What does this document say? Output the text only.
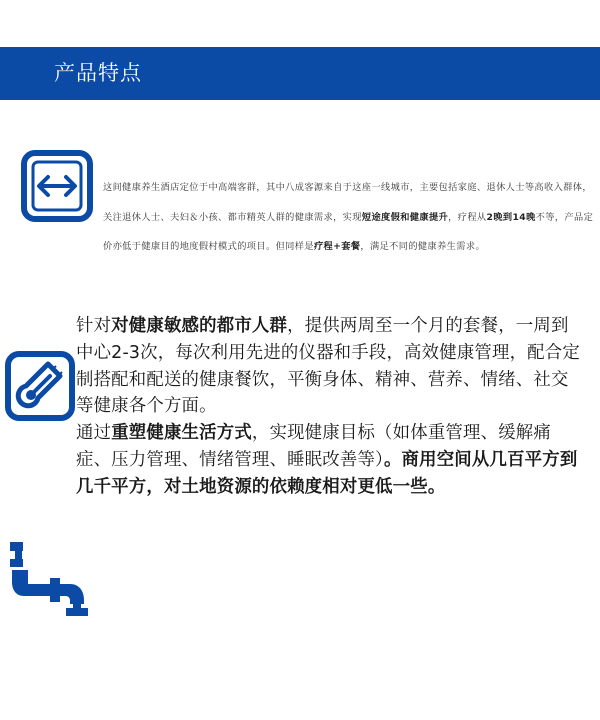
产品特点
这间健康养生酒店定位于中高端客群，其中八成客源来自于这座一线城市，主要包括家庭、退休人士等高收入群体，关注退休人士、夫妇＆小孩、都市精英人群的健康需求，实现短途度假和健康提升，疗程从2晚到14晚不等，产品定价亦低于健康目的地度假村模式的项目。但同样是疗程+套餐，满足不同的健康养生需求。
针对对健康敏感的都市人群，提供两周至一个月的套餐，一周到中心2-3次，每次利用先进的仪器和手段，高效健康管理，配合定制搭配和配送的健康餐饮，平衡身体、精神、营养、情绪、社交等健康各个方面。
通过重塑健康生活方式，实现健康目标（如体重管理、缓解痛症、压力管理、情绪管理、睡眠改善等）。商用空间从几百平方到几千平方，对土地资源的依赖度相对更低一些。
